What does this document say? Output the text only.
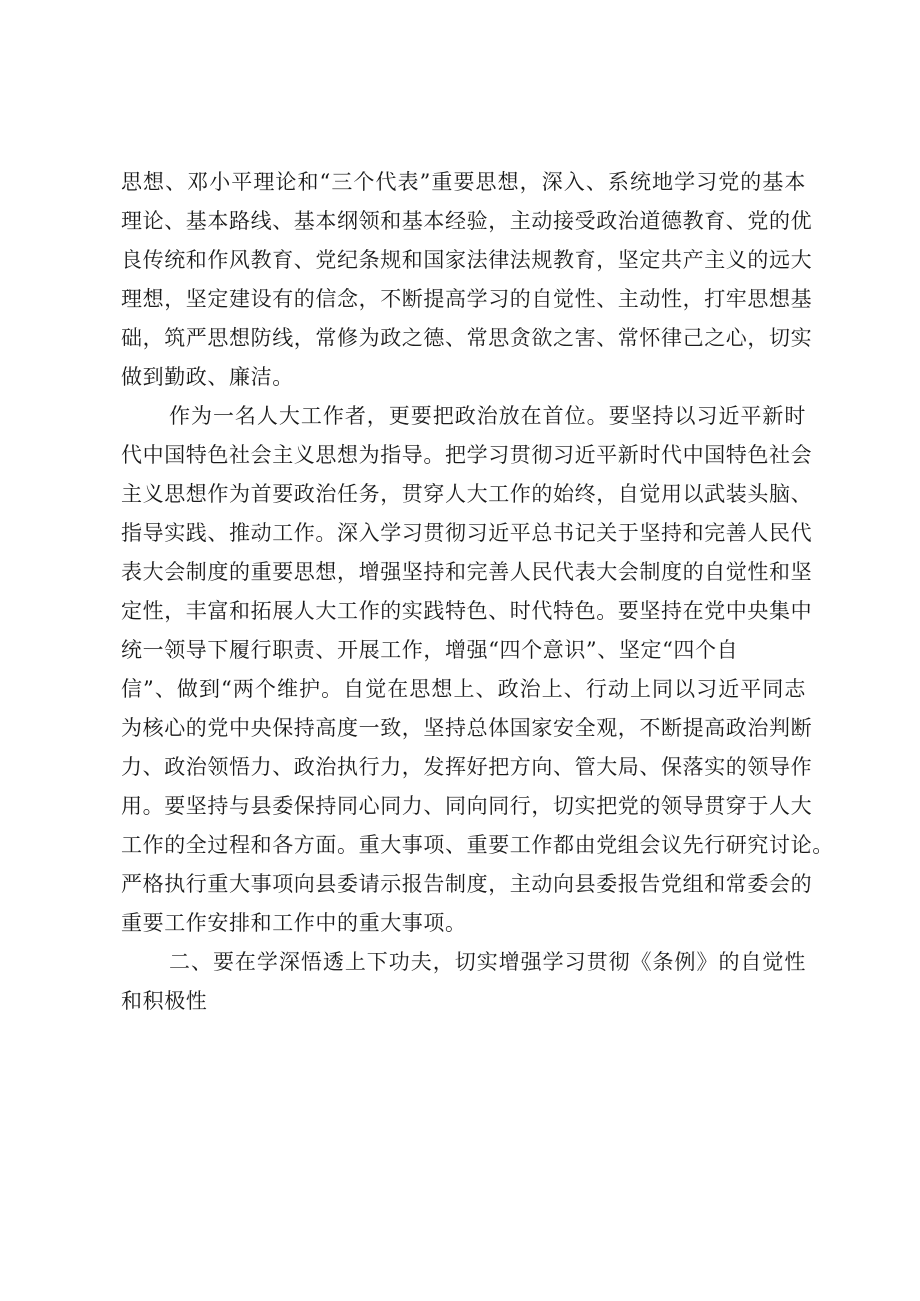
思想、邓小平理论和“三个代表”重要思想，深入、系统地学习党的基本
理论、基本路线、基本纲领和基本经验，主动接受政治道德教育、党的优
良传统和作风教育、党纪条规和国家法律法规教育，坚定共产主义的远大
理想，坚定建设有的信念，不断提高学习的自觉性、主动性，打牢思想基
础，筑严思想防线，常修为政之德、常思贪欲之害、常怀律己之心，切实
做到勤政、廉洁。
作为一名人大工作者，更要把政治放在首位。要坚持以习近平新时
代中国特色社会主义思想为指导。把学习贯彻习近平新时代中国特色社会
主义思想作为首要政治任务，贯穿人大工作的始终，自觉用以武装头脑、
指导实践、推动工作。深入学习贯彻习近平总书记关于坚持和完善人民代
表大会制度的重要思想，增强坚持和完善人民代表大会制度的自觉性和坚
定性，丰富和拓展人大工作的实践特色、时代特色。要坚持在党中央集中
统一领导下履行职责、开展工作，增强“四个意识”、坚定“四个自
信”、做到“两个维护。自觉在思想上、政治上、行动上同以习近平同志
为核心的党中央保持高度一致，坚持总体国家安全观，不断提高政治判断
力、政治领悟力、政治执行力，发挥好把方向、管大局、保落实的领导作
用。要坚持与县委保持同心同力、同向同行，切实把党的领导贯穿于人大
工作的全过程和各方面。重大事项、重要工作都由党组会议先行研究讨论。
严格执行重大事项向县委请示报告制度，主动向县委报告党组和常委会的
重要工作安排和工作中的重大事项。
二、要在学深悟透上下功夫，切实增强学习贯彻《条例》的自觉性
和积极性
